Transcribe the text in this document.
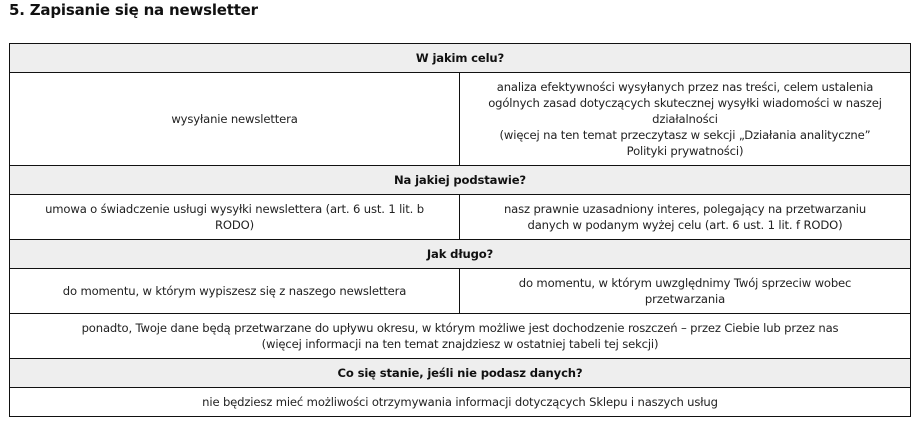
5. Zapisanie się na newsletter
W jakim celu?	
wysyłanie newslettera	analiza efektywności wysyłanych przez nas treści, celem ustalenia
ogólnych zasad dotyczących skutecznej wysyłki wiadomości w naszej
działalności
(więcej na ten temat przeczytasz w sekcji „Działania analityczne”
Polityki prywatności)

Na jakiej podstawie?	

umowa o świadczenie usługi wysyłki newslettera (art. 6 ust. 1 lit. b
RODO)	nasz prawnie uzasadniony interes, polegający na przetwarzaniu
danych w podanym wyżej celu (art. 6 ust. 1 lit. f RODO)

Jak długo?	
do momentu, w którym wypiszesz się z naszego newslettera	do momentu, w którym uwzględnimy Twój sprzeciw wobec
przetwarzania

ponadto, Twoje dane będą przetwarzane do upływu okresu, w którym możliwe jest dochodzenie roszczeń – przez Ciebie lub przez nas
(więcej informacji na ten temat znajdziesz w ostatniej tabeli tej sekcji)	

Co się stanie, jeśli nie podasz danych?	
nie będziesz mieć możliwości otrzymywania informacji dotyczących Sklepu i naszych usług	
